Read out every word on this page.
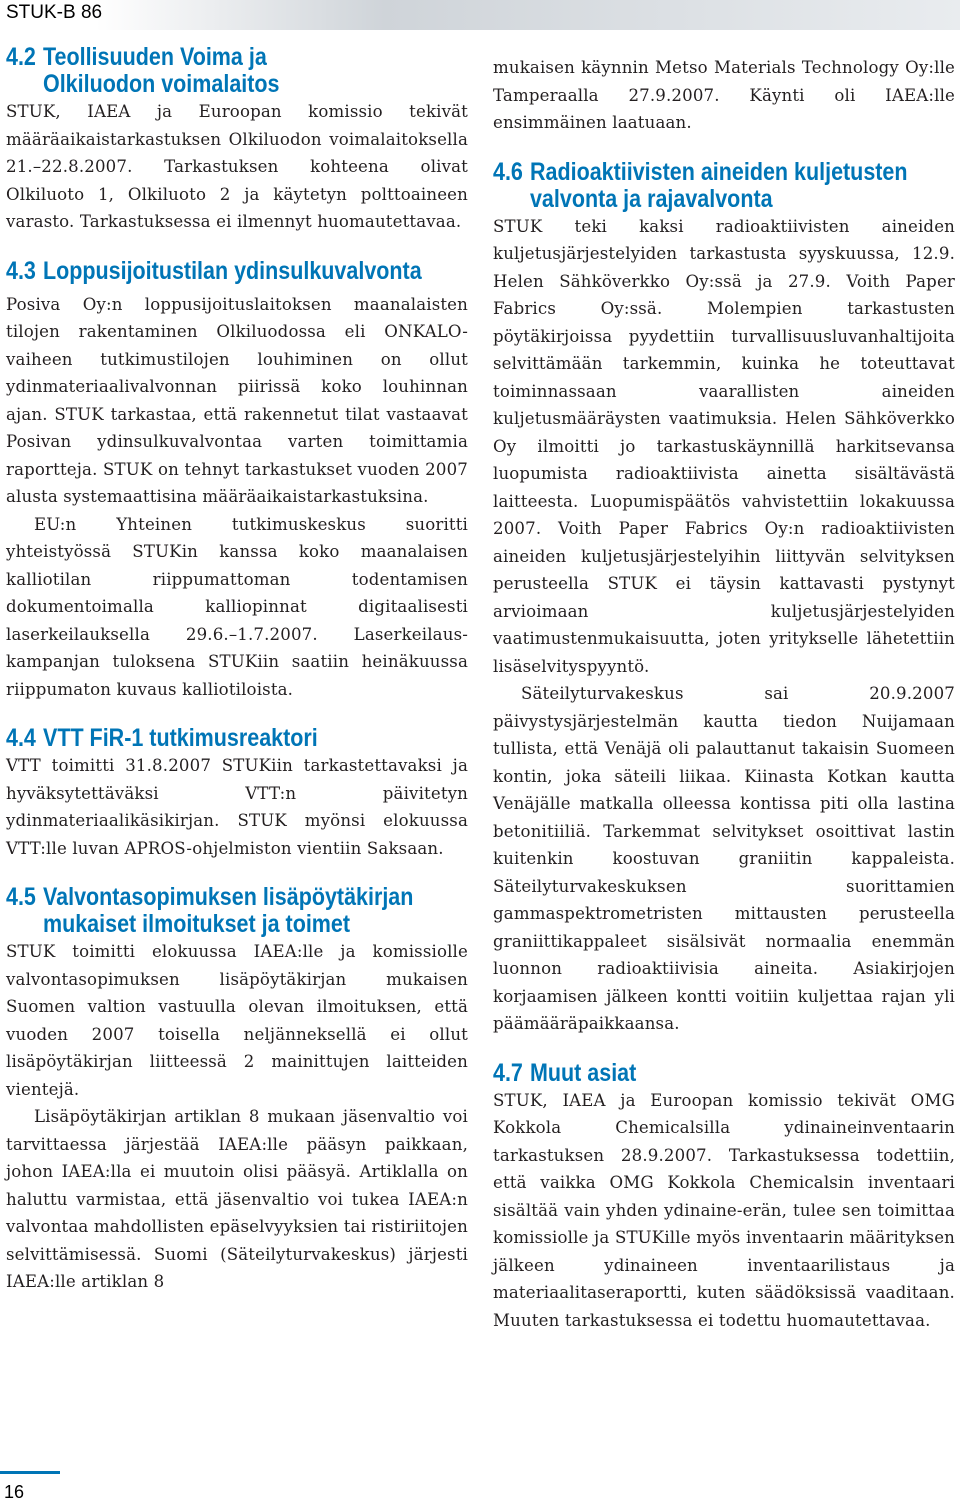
STUK-B 86
4.2 Teollisuuden Voima ja
Olkiluodon voimalaitos

STUK, IAEA ja Euroopan komissio tekivät määräaikaistarkastuksen Olkiluodon voimalaitoksella 21.–22.8.2007. Tarkastuksen kohteena olivat Olkiluoto 1, Olkiluoto 2 ja käytetyn polttoaineen varasto. Tarkastuksessa ei ilmennyt huomautettavaa.

4.3 Loppusijoitustilan ydinsulkuvalvonta

Posiva Oy:n loppusijoituslaitoksen maanalaisten tilojen rakentaminen Olkiluodossa eli ONKALO-vaiheen tutkimustilojen louhiminen on ollut ydinmateriaalivalvonnan piirissä koko louhinnan ajan. STUK tarkastaa, että rakennetut tilat vastaavat Posivan ydinsulkuvalvontaa varten toimittamia raportteja. STUK on tehnyt tarkastukset vuoden 2007 alusta systemaattisina määräaikaistarkastuksina.

EU:n Yhteinen tutkimuskeskus suoritti yhteistyössä STUKin kanssa koko maanalaisen kalliotilan riippumattoman todentamisen dokumentoimalla kalliopinnat digitaalisesti laserkeilauksella 29.6.–1.7.2007. Laserkeilaus-kampanjan tuloksena STUKiin saatiin heinäkuussa riippumaton kuvaus kalliotiloista.

4.4 VTT FiR-1 tutkimusreaktori

VTT toimitti 31.8.2007 STUKiin tarkastettavaksi ja hyväksytettäväksi VTT:n päivitetyn ydinmateriaalikäsikirjan. STUK myönsi elokuussa VTT:lle luvan APROS-ohjelmiston vientiin Saksaan.

4.5 Valvontasopimuksen lisäpöytäkirjan
mukaiset ilmoitukset ja toimet

STUK toimitti elokuussa IAEA:lle ja komissiolle valvontasopimuksen lisäpöytäkirjan mukaisen Suomen valtion vastuulla olevan ilmoituksen, että vuoden 2007 toisella neljänneksellä ei ollut lisäpöytäkirjan liitteessä 2 mainittujen laitteiden vientejä.

Lisäpöytäkirjan artiklan 8 mukaan jäsenvaltio voi tarvittaessa järjestää IAEA:lle pääsyn paikkaan, johon IAEA:lla ei muutoin olisi pääsyä. Artiklalla on haluttu varmistaa, että jäsenvaltio voi tukea IAEA:n valvontaa mahdollisten epäselvyyksien tai ristiriitojen selvittämisessä. Suomi (Säteilyturvakeskus) järjesti IAEA:lle artiklan 8

mukaisen käynnin Metso Materials Technology Oy:lle Tamperaalla 27.9.2007. Käynti oli IAEA:lle ensimmäinen laatuaan.

4.6 Radioaktiivisten aineiden kuljetusten
valvonta ja rajavalvonta

STUK teki kaksi radioaktiivisten aineiden kuljetusjärjestelyiden tarkastusta syyskuussa, 12.9. Helen Sähköverkko Oy:ssä ja 27.9. Voith Paper Fabrics Oy:ssä. Molempien tarkastusten pöytäkirjoissa pyydettiin turvallisuusluvanhaltijoita selvittämään tarkemmin, kuinka he toteuttavat toiminnassaan vaarallisten aineiden kuljetusmääräysten vaatimuksia. Helen Sähköverkko Oy ilmoitti jo tarkastuskäynnillä harkitsevansa luopumista radioaktiivista ainetta sisältävästä laitteesta. Luopumispäätös vahvistettiin lokakuussa 2007. Voith Paper Fabrics Oy:n radioaktiivisten aineiden kuljetusjärjestelyihin liittyvän selvityksen perusteella STUK ei täysin kattavasti pystynyt arvioimaan kuljetusjärjestelyiden vaatimustenmukaisuutta, joten yritykselle lähetettiin lisäselvityspyyntö.

Säteilyturvakeskus sai 20.9.2007 päivystysjärjestelmän kautta tiedon Nuijamaan tullista, että Venäjä oli palauttanut takaisin Suomeen kontin, joka säteili liikaa. Kiinasta Kotkan kautta Venäjälle matkalla olleessa kontissa piti olla lastina betonitiiliä. Tarkemmat selvitykset osoittivat lastin kuitenkin koostuvan graniitin kappaleista. Säteilyturvakeskuksen suorittamien gammaspektrometristen mittausten perusteella graniittikappaleet sisälsivät normaalia enemmän luonnon radioaktiivisia aineita. Asiakirjojen korjaamisen jälkeen kontti voitiin kuljettaa rajan yli päämääräpaikkaansa.

4.7 Muut asiat

STUK, IAEA ja Euroopan komissio tekivät OMG Kokkola Chemicalsilla ydinaineinventaarin tarkastuksen 28.9.2007. Tarkastuksessa todettiin, että vaikka OMG Kokkola Chemicalsin inventaari sisältää vain yhden ydinaine-erän, tulee sen toimittaa komissiolle ja STUKille myös inventaarin määrityksen jälkeen ydinaineen inventaarilistaus ja materiaalitaseraportti, kuten säädöksissä vaaditaan. Muuten tarkastuksessa ei todettu huomautettavaa.

16
